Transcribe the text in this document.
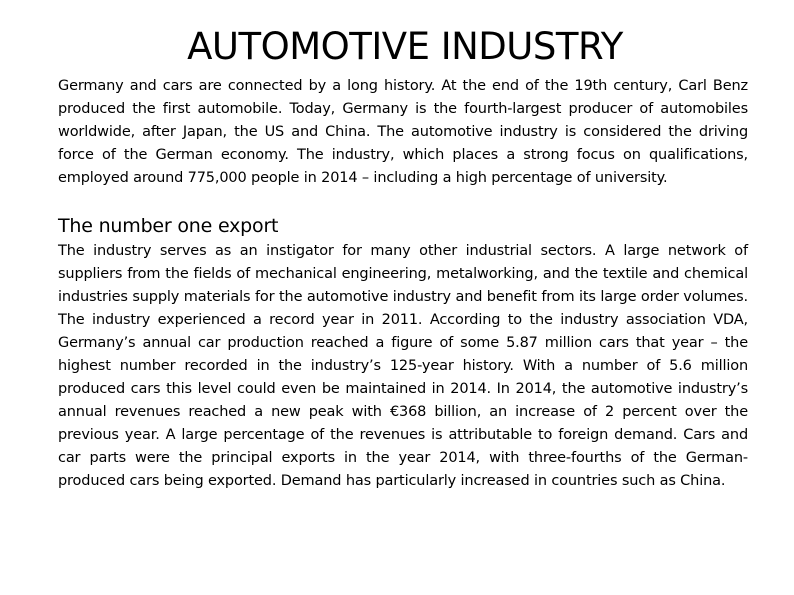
AUTOMOTIVE INDUSTRY

Germany and cars are connected by a long history. At the end of the 19th century, Carl Benz produced the first automobile. Today, Germany is the fourth-largest producer of automobiles worldwide, after Japan, the US and China. The automotive industry is considered the driving force of the German economy. The industry, which places a strong focus on qualifications, employed around 775,000 people in 2014 – including a high percentage of university.

The number one export

The industry serves as an instigator for many other industrial sectors. A large network of suppliers from the fields of mechanical engineering, metalworking, and the textile and chemical industries supply materials for the automotive industry and benefit from its large order volumes. The industry experienced a record year in 2011. According to the industry association VDA, Germany’s annual car production reached a figure of some 5.87 million cars that year – the highest number recorded in the industry’s 125-year history. With a number of 5.6 million produced cars this level could even be maintained in 2014. In 2014, the automotive industry’s annual revenues reached a new peak with €368 billion, an increase of 2 percent over the previous year. A large percentage of the revenues is attributable to foreign demand. Cars and car parts were the principal exports in the year 2014, with three-fourths of the German-produced cars being exported. Demand has particularly increased in countries such as China.
